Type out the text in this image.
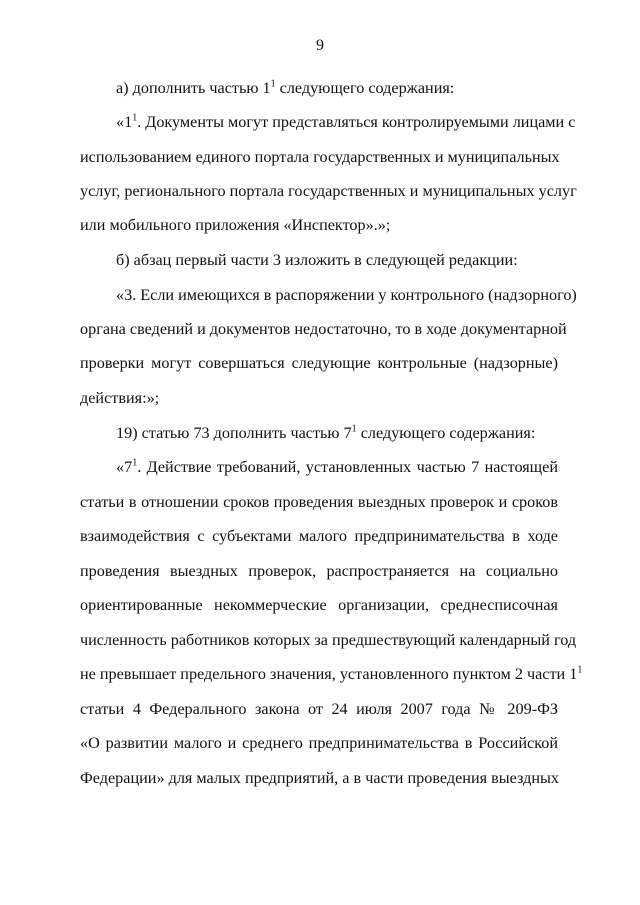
9
а) дополнить частью $1^1$ следующего содержания:
«$1^1$. Документы могут представляться контролируемыми лицами с
использованием единого портала государственных и муниципальных
услуг, регионального портала государственных и муниципальных услуг
или мобильного приложения «Инспектор».»;
б) абзац первый части 3 изложить в следующей редакции:
«3. Если имеющихся в распоряжении у контрольного (надзорного)
органа сведений и документов недостаточно, то в ходе документарной
проверки могут совершаться следующие контрольные (надзорные)
действия:»;
19) статью 73 дополнить частью $7^1$ следующего содержания:
«$7^1$. Действие требований, установленных частью 7 настоящей
статьи в отношении сроков проведения выездных проверок и сроков
взаимодействия с субъектами малого предпринимательства в ходе
проведения выездных проверок, распространяется на социально
ориентированные некоммерческие организации, среднесписочная
численность работников которых за предшествующий календарный год
не превышает предельного значения, установленного пунктом 2 части $1^1$
статьи 4 Федерального закона от 24 июля 2007 года № 209-ФЗ
«О развитии малого и среднего предпринимательства в Российской
Федерации» для малых предприятий, а в части проведения выездных
